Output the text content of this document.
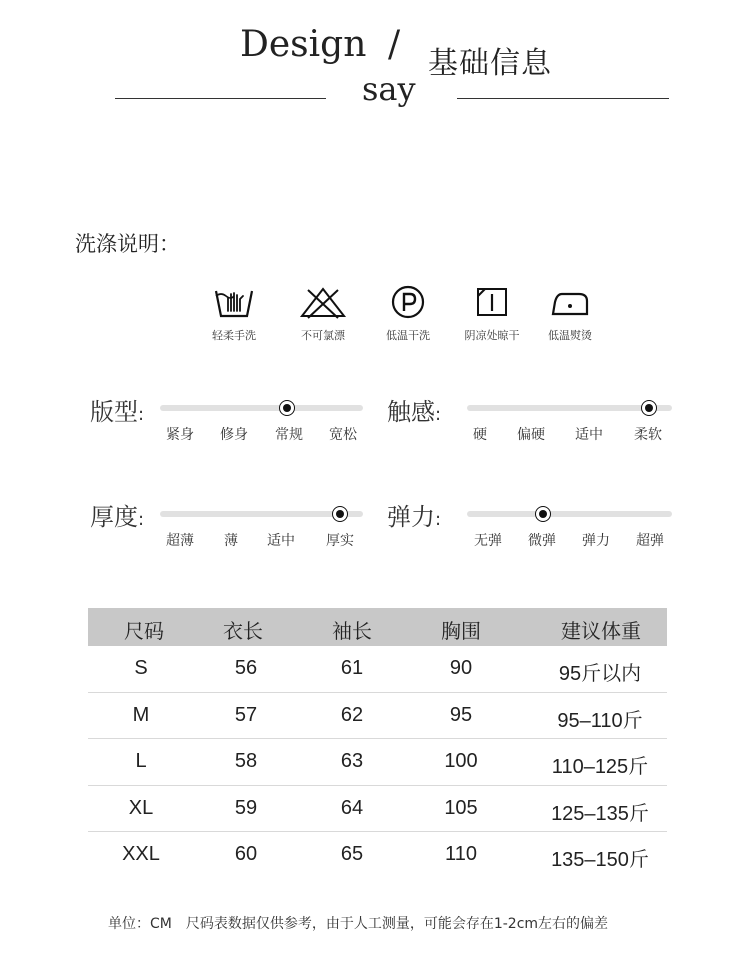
Design / 基础信息
say
洗涤说明：
轻柔手洗	不可氯漂	低温干洗	阴凉处晾干	低温熨烫
版型:
紧身 修身 常规 宽松
触感:
硬 偏硬 适中 柔软
厚度:
超薄 薄 适中 厚实
弹力:
无弹 微弹 弹力 超弹
尺码	衣长	袖长	胸围	建议体重
S	56	61	90	95斤以内
M	57	62	95	95–110斤
L	58	63	100	110–125斤
XL	59	64	105	125–135斤
XXL	60	65	110	135–150斤
单位：CM　尺码表数据仅供参考，由于人工测量，可能会存在1-2cm左右的偏差
